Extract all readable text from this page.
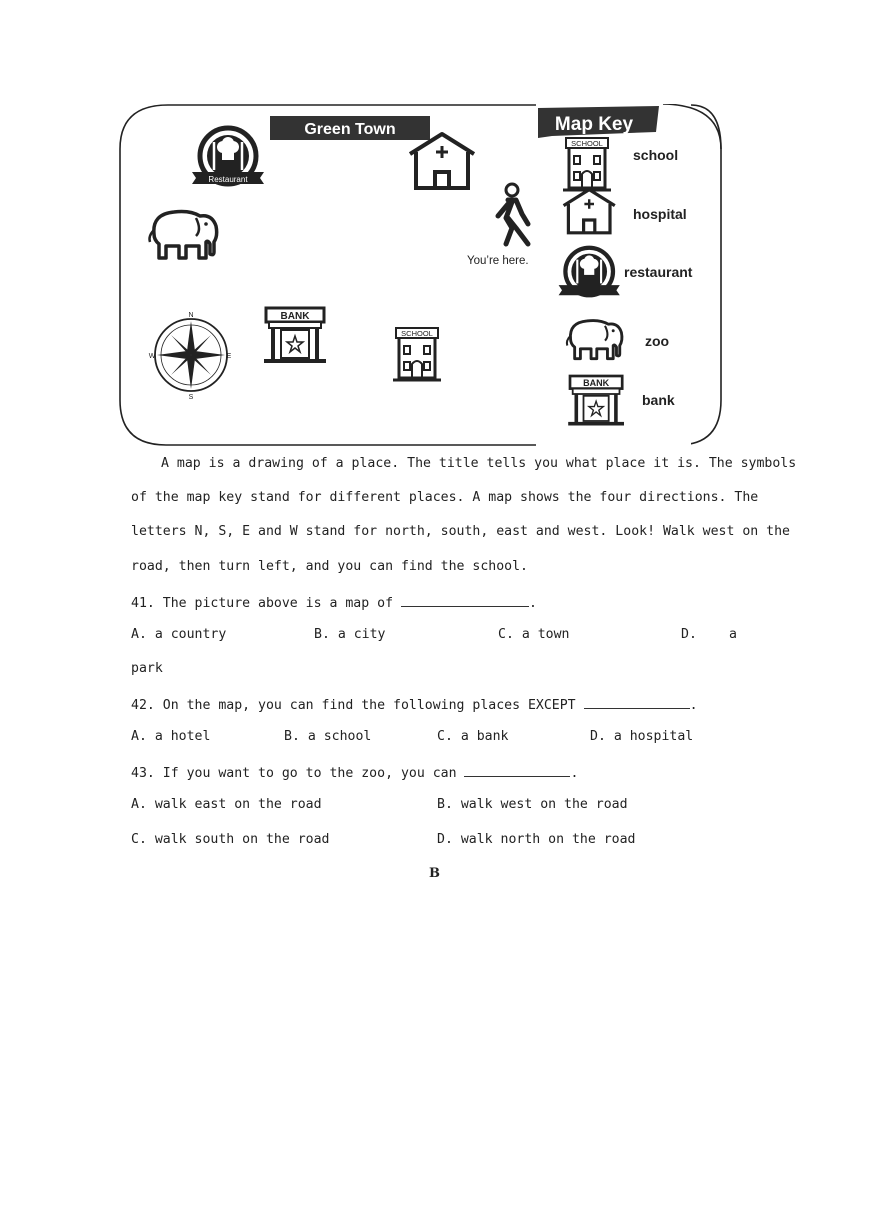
Green Town	Map Key
Restaurant
You’re here.
N
S
E
W
BANK
SCHOOL
SCHOOL
school
hospital
restaurant
zoo
BANK
bank
A map is a drawing of a place. The title tells you what place it is. The symbols
of the map key stand for different places. A map shows the four directions. The
letters N, S, E and W stand for north, south, east and west. Look! Walk west on the
road, then turn left, and you can find the school.
41. The picture above is a map of	.
A. a country	B. a city	C. a town	D. a
park
42. On the map, you can find the following places EXCEPT	.
A. a hotel	B. a school	C. a bank	D. a hospital
43. If you want to go to the zoo, you can	.
A. walk east on the road	B. walk west on the road
C. walk south on the road	D. walk north on the road
B
